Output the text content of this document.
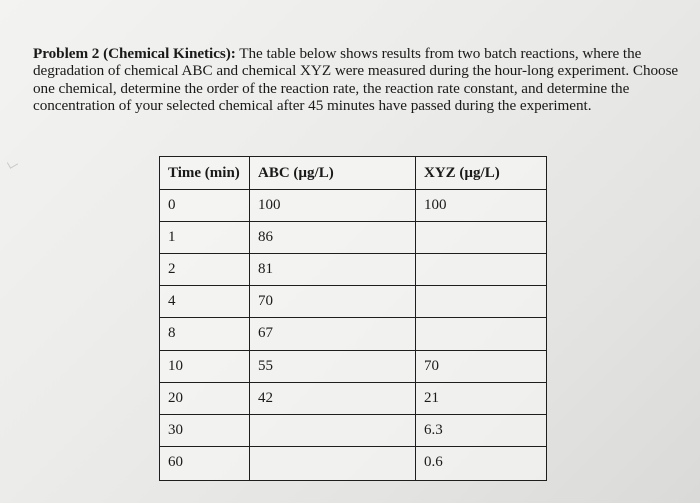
Problem 2 (Chemical Kinetics): The table below shows results from two batch reactions, where the degradation of chemical ABC and chemical XYZ were measured during the hour-long experiment. Choose one chemical, determine the order of the reaction rate, the reaction rate constant, and determine the concentration of your selected chemical after 45 minutes have passed during the experiment.
Time (min)	ABC (µg/L)	XYZ (µg/L)
0	100	100
1	86	
2	81	
4	70	
8	67	
10	55	70
20	42	21
30		6.3
60		0.6
